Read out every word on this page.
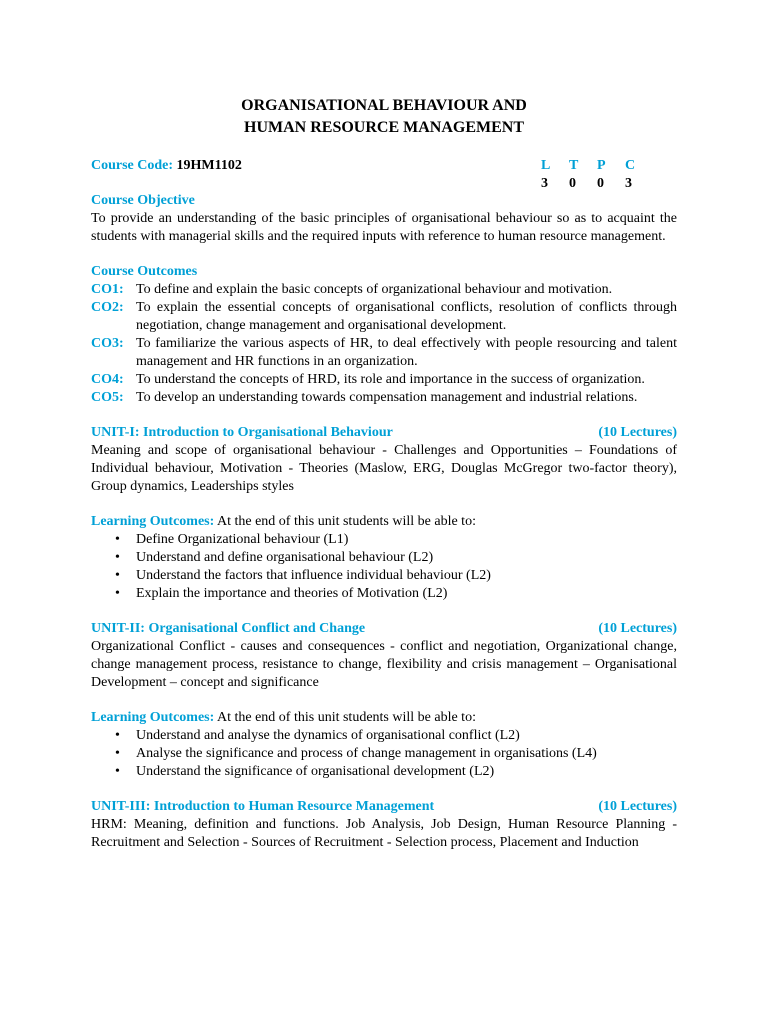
ORGANISATIONAL BEHAVIOUR AND
HUMAN RESOURCE MANAGEMENT
Course Code: 19HM1102	L	T	P	C
3	0	0	3
Course Objective
To provide an understanding of the basic principles of organisational behaviour so as to acquaint the students with managerial skills and the required inputs with reference to human resource management.
Course Outcomes
CO1: To define and explain the basic concepts of organizational behaviour and motivation.
CO2: To explain the essential concepts of organisational conflicts, resolution of conflicts through negotiation, change management and organisational development.
CO3: To familiarize the various aspects of HR, to deal effectively with people resourcing and talent management and HR functions in an organization.
CO4: To understand the concepts of HRD, its role and importance in the success of organization.
CO5: To develop an understanding towards compensation management and industrial relations.
UNIT-I: Introduction to Organisational Behaviour	(10 Lectures)
Meaning and scope of organisational behaviour - Challenges and Opportunities – Foundations of Individual behaviour, Motivation - Theories (Maslow, ERG, Douglas McGregor two-factor theory), Group dynamics, Leaderships styles
Learning Outcomes: At the end of this unit students will be able to:
• Define Organizational behaviour (L1)
• Understand and define organisational behaviour (L2)
• Understand the factors that influence individual behaviour (L2)
• Explain the importance and theories of Motivation (L2)
UNIT-II: Organisational Conflict and Change	(10 Lectures)
Organizational Conflict - causes and consequences - conflict and negotiation, Organizational change, change management process, resistance to change, flexibility and crisis management – Organisational Development – concept and significance
Learning Outcomes: At the end of this unit students will be able to:
• Understand and analyse the dynamics of organisational conflict (L2)
• Analyse the significance and process of change management in organisations (L4)
• Understand the significance of organisational development (L2)
UNIT-III: Introduction to Human Resource Management	(10 Lectures)
HRM: Meaning, definition and functions. Job Analysis, Job Design, Human Resource Planning - Recruitment and Selection - Sources of Recruitment - Selection process, Placement and Induction
